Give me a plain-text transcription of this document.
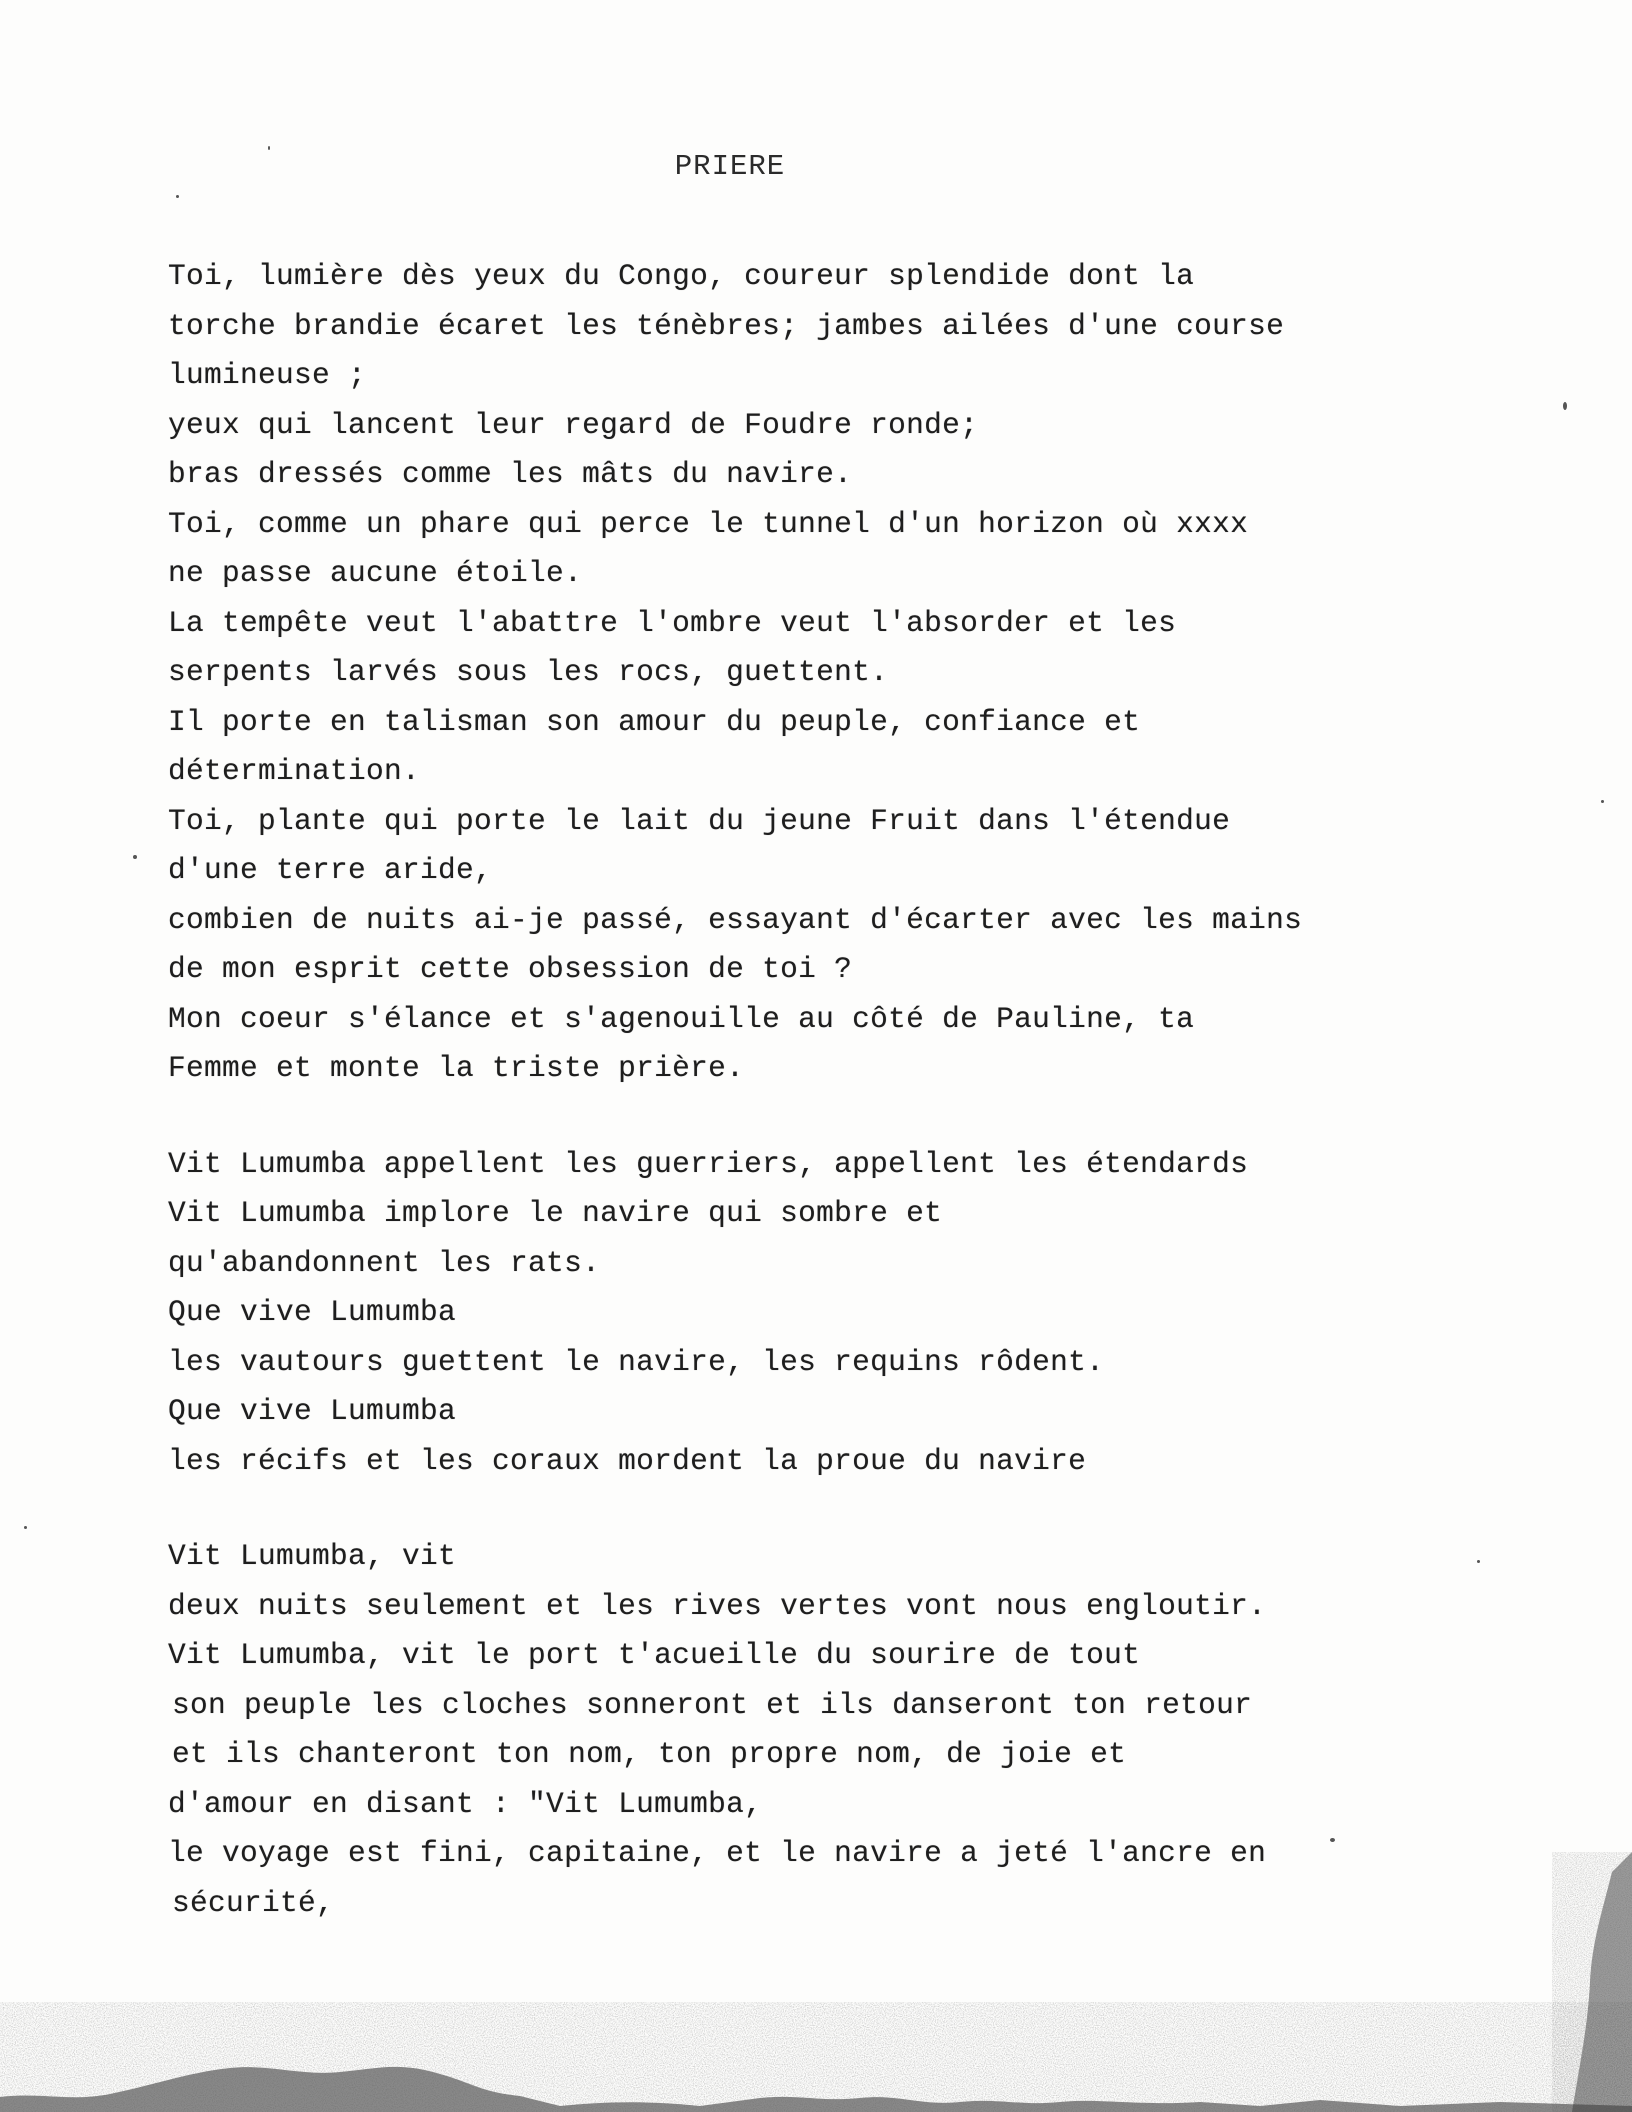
PRIERE
Toi, lumière dès yeux du Congo, coureur splendide dont la
torche brandie écaret les ténèbres; jambes ailées d'une course
lumineuse ;
yeux qui lancent leur regard de Foudre ronde;
bras dressés comme les mâts du navire.
Toi, comme un phare qui perce le tunnel d'un horizon où xxxx
ne passe aucune étoile.
La tempête veut l'abattre l'ombre veut l'absorder et les
serpents larvés sous les rocs, guettent.
Il porte en talisman son amour du peuple, confiance et
détermination.
Toi, plante qui porte le lait du jeune Fruit dans l'étendue
d'une terre aride,
combien de nuits ai-je passé, essayant d'écarter avec les mains
de mon esprit cette obsession de toi ?
Mon coeur s'élance et s'agenouille au côté de Pauline, ta
Femme et monte la triste prière.
Vit Lumumba appellent les guerriers, appellent les étendards
Vit Lumumba implore le navire qui sombre et
qu'abandonnent les rats.
Que vive Lumumba
les vautours guettent le navire, les requins rôdent.
Que vive Lumumba
les récifs et les coraux mordent la proue du navire
Vit Lumumba, vit
deux nuits seulement et les rives vertes vont nous engloutir.
Vit Lumumba, vit le port t'acueille du sourire de tout
son peuple les cloches sonneront et ils danseront ton retour
et ils chanteront ton nom, ton propre nom, de joie et
d'amour en disant : "Vit Lumumba,
le voyage est fini, capitaine, et le navire a jeté l'ancre en
sécurité,
